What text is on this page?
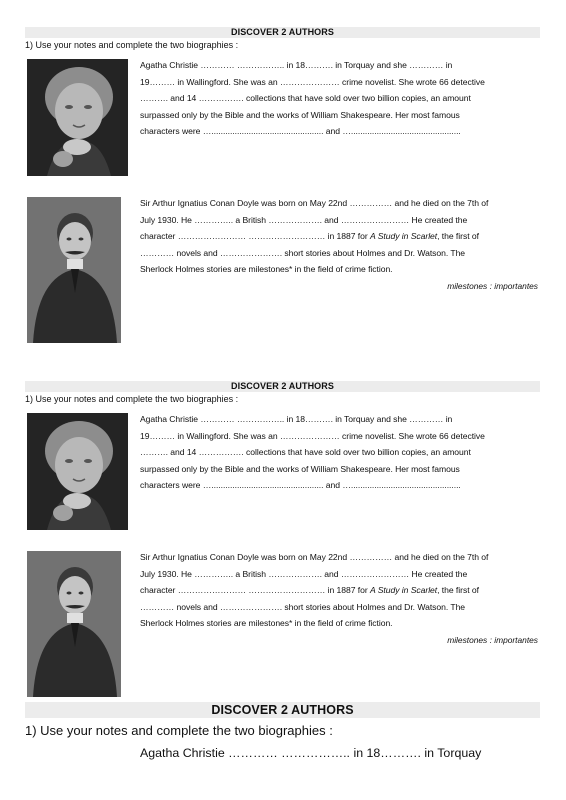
DISCOVER 2 AUTHORS
1) Use your notes and complete the two biographies :
Agatha Christie ………… …………….. in 18………. in Torquay and she ………… in
19……… in Wallingford. She was an ………………… crime novelist. She wrote 66 detective
………. and 14 ……………. collections that have sold over two billion copies, an amount
surpassed only by the Bible and the works of William Shakespeare. Her most famous
characters were …................................................ and …...............................................
Sir Arthur Ignatius Conan Doyle was born on May 22nd …………… and he died on the 7th of
July 1930. He ………….. a British ………………. and …………………… He created the
character …………………… ……………………… in 1887 for A Study in Scarlet, the first of
………… novels and …………………. short stories about Holmes and Dr. Watson. The
Sherlock Holmes stories are milestones* in the field of crime fiction.
milestones : importantes
DISCOVER 2 AUTHORS
1) Use your notes and complete the two biographies :
Agatha Christie ………… …………….. in 18………. in Torquay and she ………… in
19……… in Wallingford. She was an ………………… crime novelist. She wrote 66 detective
………. and 14 ……………. collections that have sold over two billion copies, an amount
surpassed only by the Bible and the works of William Shakespeare. Her most famous
characters were …................................................ and …...............................................
Sir Arthur Ignatius Conan Doyle was born on May 22nd …………… and he died on the 7th of
July 1930. He ………….. a British ………………. and …………………… He created the
character …………………… ……………………… in 1887 for A Study in Scarlet, the first of
………… novels and …………………. short stories about Holmes and Dr. Watson. The
Sherlock Holmes stories are milestones* in the field of crime fiction.
milestones : importantes
DISCOVER 2 AUTHORS
1) Use your notes and complete the two biographies :
Agatha Christie ………… …………….. in 18………. in Torquay
